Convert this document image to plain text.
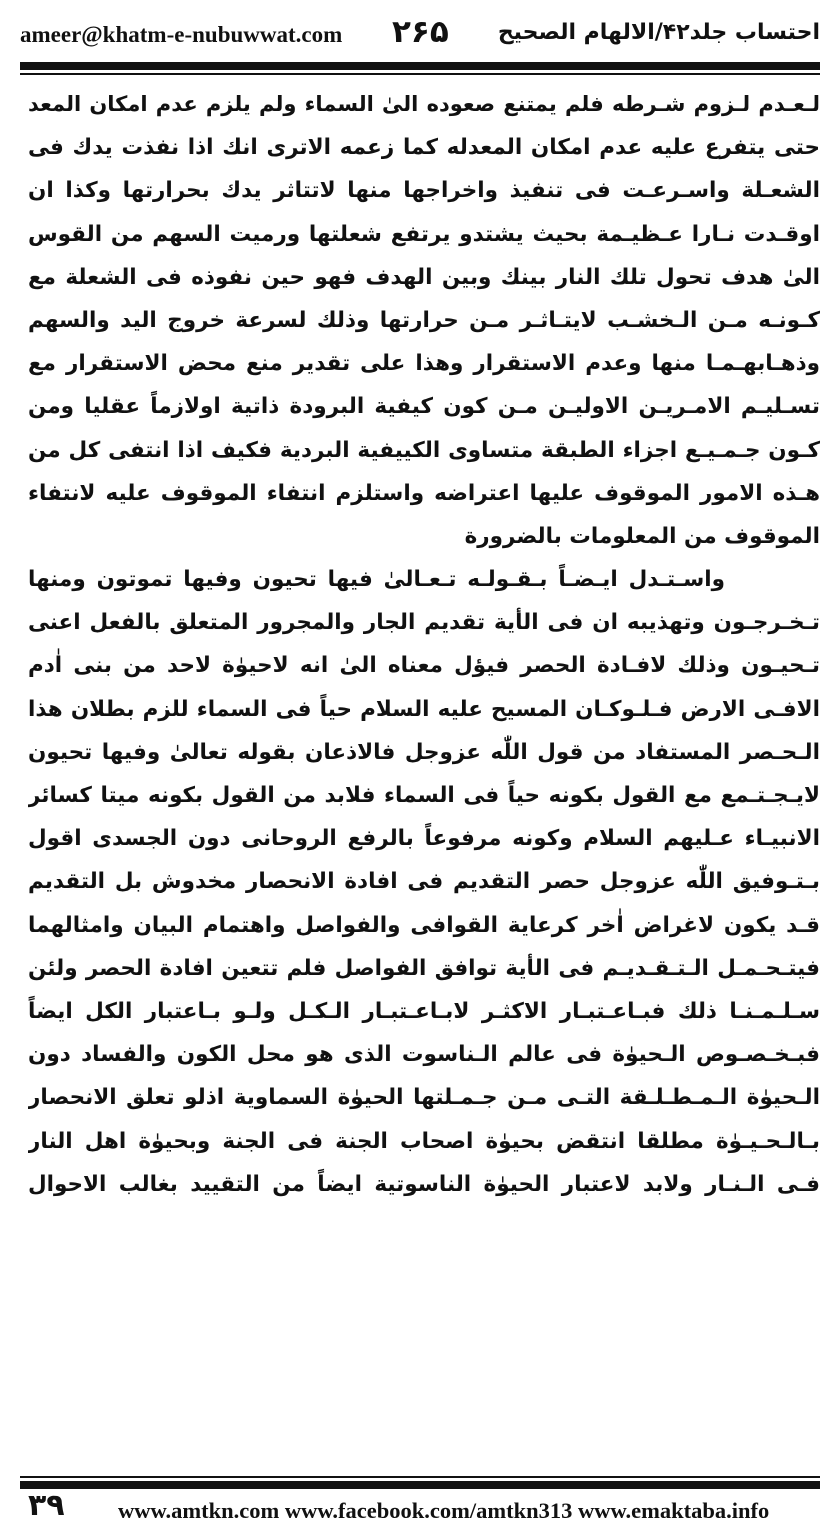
ameer@khatm-e-nubuwwat.com ۲۶۵ احتساب جلد۴۲/الالهام الصحیح
لـعـدم لـزوم شـرطه فلم يمتنع صعوده الىٰ السماء ولم يلزم عدم امكان المعد
حتى يتفرع عليه عدم امكان المعدله كما زعمه الاترى انك اذا نفذت يدك فى
الشعـلة واسـرعـت فى تنفيذ واخراجها منها لاتتاثر يدك بحرارتها وكذا ان
اوقـدت نـارا عـظيـمة بحيث يشتدو يرتفع شعلتها ورميت السهم من القوس
الىٰ هدف تحول تلك النار بينك وبين الهدف فهو حين نفوذه فى الشعلة مع
كـونـه مـن الـخشـب لايتـاثـر مـن حرارتها وذلك لسرعة خروج اليد والسهم
وذهـابهـمـا منها وعدم الاستقرار وهذا على تقدير منع محض الاستقرار مع
تسـليـم الامـريـن الاوليـن مـن كون كيفية البرودة ذاتية اولازماً عقليا ومن
كـون جـمـيـع اجزاء الطبقة متساوى الكييفية البردية فكيف اذا انتفى كل من
هـذه الامور الموقوف عليها اعتراضه واستلزم انتفاء الموقوف عليه لانتفاء
الموقوف من المعلومات بالضرورة
واسـتـدل ايـضـاً بـقـولـه تـعـالىٰ فيها تحيون وفيها تموتون ومنها
تـخـرجـون وتهذيبه ان فى الأية تقديم الجار والمجرور المتعلق بالفعل اعنى
تـحيـون وذلك لافـادة الحصر فيؤل معناه الىٰ انه لاحيوٰة لاحد من بنى اٰدم
الافـى الارض فـلـوكـان المسيح عليه السلام حياً فى السماء للزم بطلان هذا
الـحـصر المستفاد من قول اللّٰه عزوجل فالاذعان بقوله تعالىٰ وفيها تحيون
لايـجـتـمع مع القول بكونه حياً فى السماء فلابد من القول بكونه ميتا كسائر
الانبيـاء عـليهم السلام وكونه مرفوعاً بالرفع الروحانى دون الجسدى اقول
بـتـوفيق اللّٰه عزوجل حصر التقديم فى افادة الانحصار مخدوش بل التقديم
قـد يكون لاغراض اٰخر كرعاية القوافى والفواصل واهتمام البيان وامثالهما
فيتـحـمـل الـتـقـديـم فى الأية توافق الفواصل فلم تتعين افادة الحصر ولئن
سـلـمـنـا ذلك فبـاعـتبـار الاكثـر لابـاعـتبـار الـكـل ولـو بـاعتبار الكل ايضاً
فبـخـصـوص الـحيوٰة فى عالم الـناسوت الذى هو محل الكون والفساد دون
الـحيوٰة الـمـطـلـقة التـى مـن جـمـلتها الحيوٰة السماوية اذلو تعلق الانحصار
بـالـحـيـوٰة مطلقا انتقض بحيوٰة اصحاب الجنة فى الجنة وبحيوٰة اهل النار
فـى الـنـار ولابد لاعتبار الحيوٰة الناسوتية ايضاً من التقييد بغالب الاحوال
۳۹ www.amtkn.com www.facebook.com/amtkn313 www.emaktaba.info
